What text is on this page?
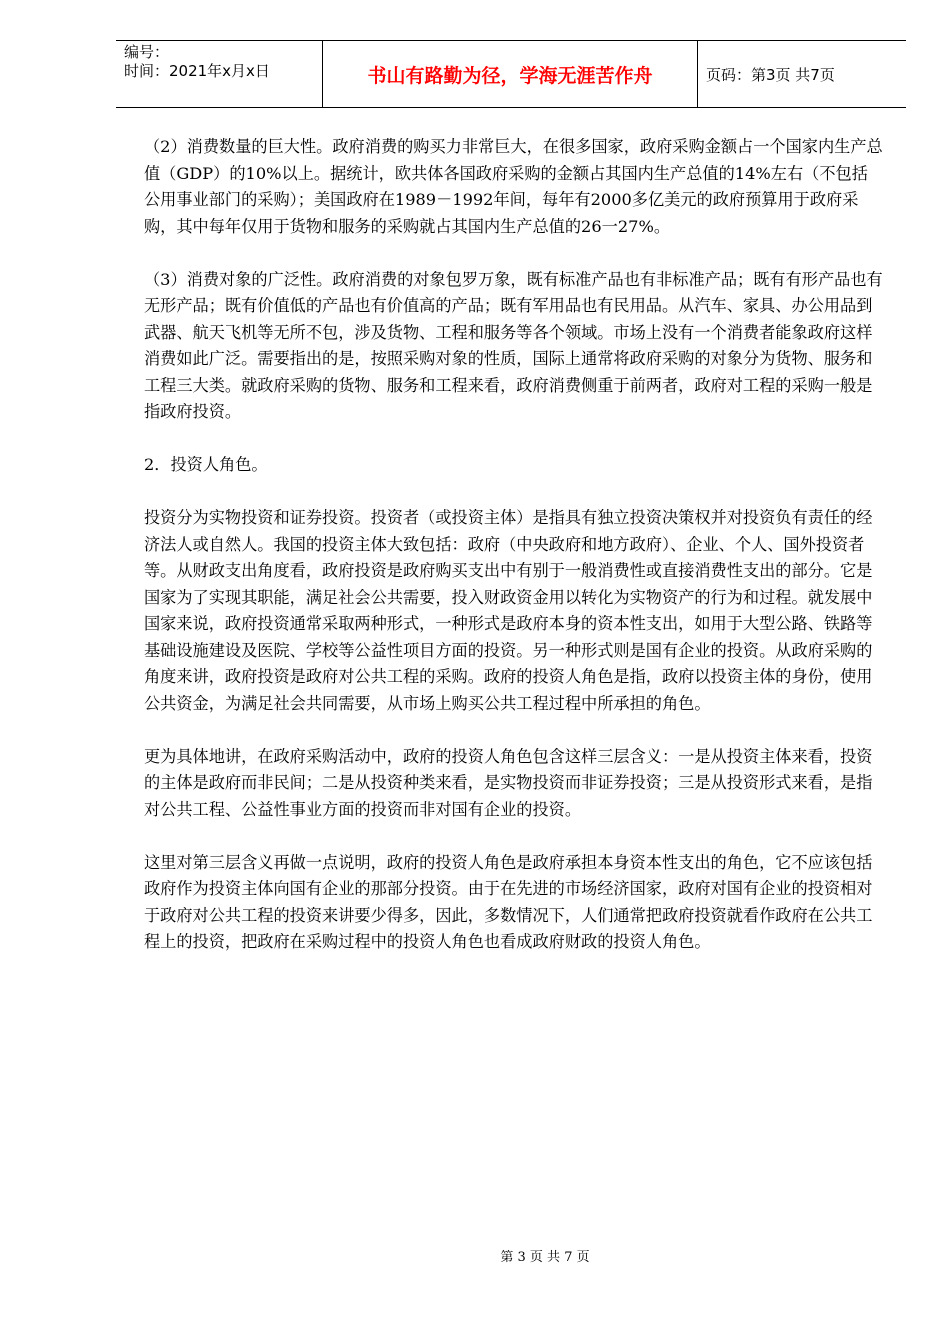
编号：
时间：2021年x月x日	书山有路勤为径，学海无涯苦作舟	页码：第3页 共7页

（2）消费数量的巨大性。政府消费的购买力非常巨大，在很多国家，政府采购金额占一个国家内生产总值（GDP）的10%以上。据统计，欧共体各国政府采购的金额占其国内生产总值的14%左右（不包括公用事业部门的采购）；美国政府在1989－1992年间，每年有2000多亿美元的政府预算用于政府采购，其中每年仅用于货物和服务的采购就占其国内生产总值的26一27%。

（3）消费对象的广泛性。政府消费的对象包罗万象，既有标准产品也有非标准产品；既有有形产品也有无形产品；既有价值低的产品也有价值高的产品；既有军用品也有民用品。从汽车、家具、办公用品到武器、航天飞机等无所不包，涉及货物、工程和服务等各个领域。市场上没有一个消费者能象政府这样消费如此广泛。需要指出的是，按照采购对象的性质，国际上通常将政府采购的对象分为货物、服务和工程三大类。就政府采购的货物、服务和工程来看，政府消费侧重于前两者，政府对工程的采购一般是指政府投资。

2．投资人角色。

投资分为实物投资和证券投资。投资者（或投资主体）是指具有独立投资决策权并对投资负有责任的经济法人或自然人。我国的投资主体大致包括：政府（中央政府和地方政府）、企业、个人、国外投资者等。从财政支出角度看，政府投资是政府购买支出中有别于一般消费性或直接消费性支出的部分。它是国家为了实现其职能，满足社会公共需要，投入财政资金用以转化为实物资产的行为和过程。就发展中国家来说，政府投资通常采取两种形式，一种形式是政府本身的资本性支出，如用于大型公路、铁路等基础设施建设及医院、学校等公益性项目方面的投资。另一种形式则是国有企业的投资。从政府采购的角度来讲，政府投资是政府对公共工程的采购。政府的投资人角色是指，政府以投资主体的身份，使用公共资金，为满足社会共同需要，从市场上购买公共工程过程中所承担的角色。

更为具体地讲，在政府采购活动中，政府的投资人角色包含这样三层含义：一是从投资主体来看，投资的主体是政府而非民间；二是从投资种类来看，是实物投资而非证券投资；三是从投资形式来看，是指对公共工程、公益性事业方面的投资而非对国有企业的投资。

这里对第三层含义再做一点说明，政府的投资人角色是政府承担本身资本性支出的角色，它不应该包括政府作为投资主体向国有企业的那部分投资。由于在先进的市场经济国家，政府对国有企业的投资相对于政府对公共工程的投资来讲要少得多，因此，多数情况下，人们通常把政府投资就看作政府在公共工程上的投资，把政府在采购过程中的投资人角色也看成政府财政的投资人角色。

第 3 页 共 7 页
